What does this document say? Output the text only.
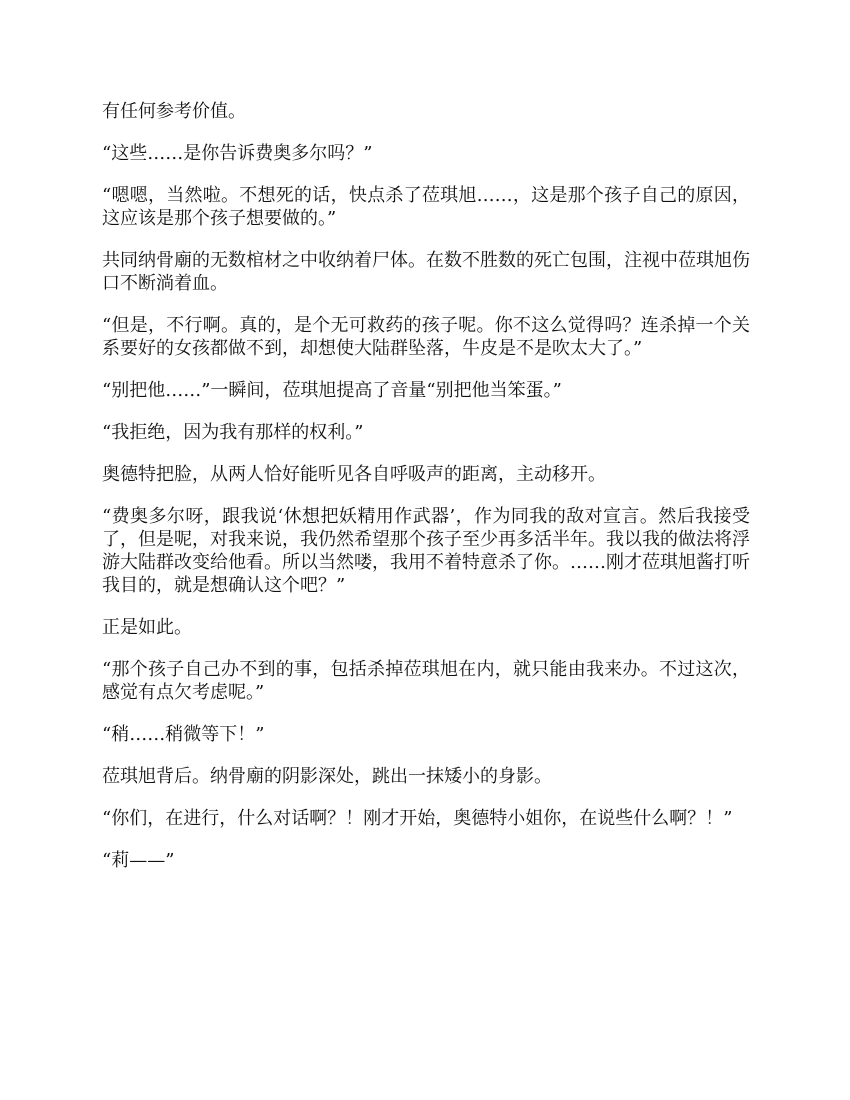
有任何参考价值。

“这些……是你告诉费奥多尔吗？”

“嗯嗯，当然啦。不想死的话，快点杀了莅琪旭……，这是那个孩子自己的原因，这应该是那个孩子想要做的。”

共同纳骨廟的无数棺材之中收纳着尸体。在数不胜数的死亡包围，注视中莅琪旭伤口不断淌着血。

“但是，不行啊。真的，是个无可救药的孩子呢。你不这么觉得吗？连杀掉一个关系要好的女孩都做不到，却想使大陆群坠落，牛皮是不是吹太大了。”

“别把他……”一瞬间，莅琪旭提高了音量“别把他当笨蛋。”

“我拒绝，因为我有那样的权利。”

奥德特把脸，从两人恰好能听见各自呼吸声的距离，主动移开。

“费奥多尔呀，跟我说‘休想把妖精用作武器’，作为同我的敌对宣言。然后我接受了，但是呢，对我来说，我仍然希望那个孩子至少再多活半年。我以我的做法将浮游大陆群改变给他看。所以当然喽，我用不着特意杀了你。……刚才莅琪旭酱打听我目的，就是想确认这个吧？”

正是如此。

“那个孩子自己办不到的事，包括杀掉莅琪旭在内，就只能由我来办。不过这次，感觉有点欠考虑呢。”

“稍……稍微等下！”

莅琪旭背后。纳骨廟的阴影深处，跳出一抹矮小的身影。

“你们，在进行，什么对话啊？！刚才开始，奥德特小姐你，在说些什么啊？！”

“莉——”
